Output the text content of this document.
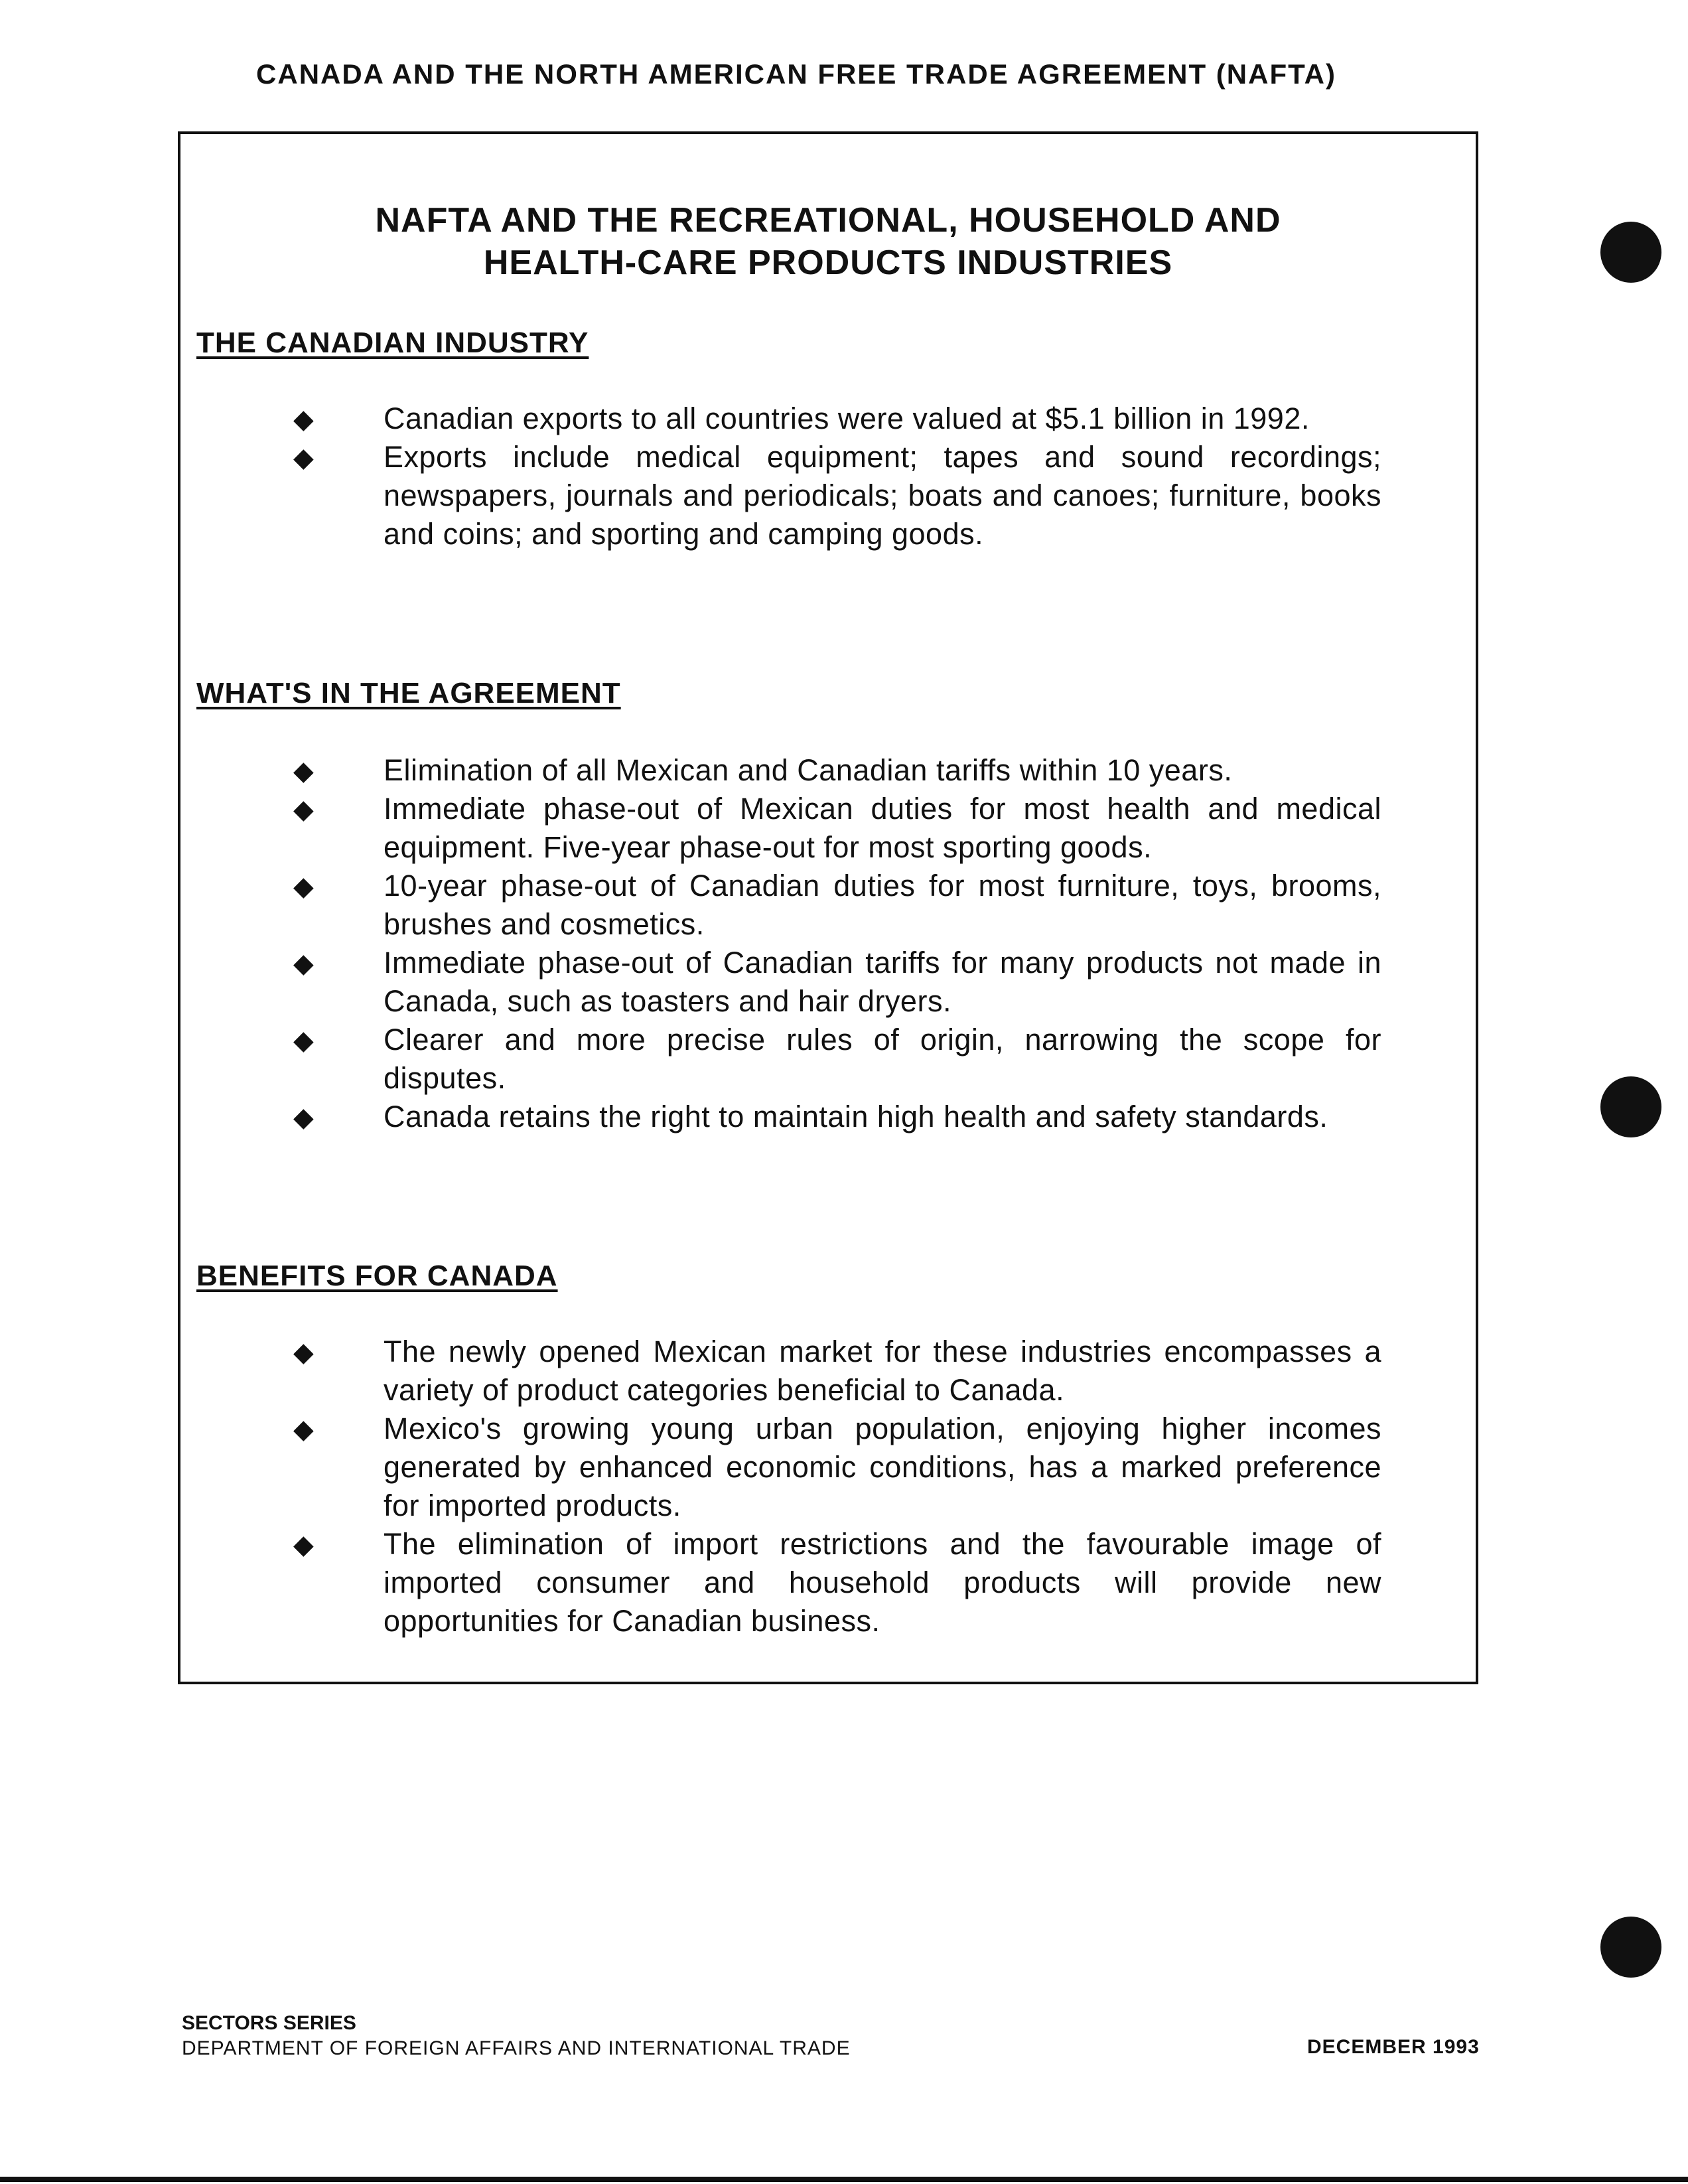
CANADA AND THE NORTH AMERICAN FREE TRADE AGREEMENT (NAFTA)
NAFTA AND THE RECREATIONAL, HOUSEHOLD AND
HEALTH-CARE PRODUCTS INDUSTRIES
THE CANADIAN INDUSTRY
◆ Canadian exports to all countries were valued at $5.1 billion in 1992.
◆ Exports include medical equipment; tapes and sound recordings; newspapers, journals and periodicals; boats and canoes; furniture, books and coins; and sporting and camping goods.
WHAT'S IN THE AGREEMENT
◆ Elimination of all Mexican and Canadian tariffs within 10 years.
◆ Immediate phase-out of Mexican duties for most health and medical equipment. Five-year phase-out for most sporting goods.
◆ 10-year phase-out of Canadian duties for most furniture, toys, brooms, brushes and cosmetics.
◆ Immediate phase-out of Canadian tariffs for many products not made in Canada, such as toasters and hair dryers.
◆ Clearer and more precise rules of origin, narrowing the scope for disputes.
◆ Canada retains the right to maintain high health and safety standards.
BENEFITS FOR CANADA
◆ The newly opened Mexican market for these industries encompasses a variety of product categories beneficial to Canada.
◆ Mexico's growing young urban population, enjoying higher incomes generated by enhanced economic conditions, has a marked preference for imported products.
◆ The elimination of import restrictions and the favourable image of imported consumer and household products will provide new opportunities for Canadian business.
SECTORS SERIES
DEPARTMENT OF FOREIGN AFFAIRS AND INTERNATIONAL TRADE	DECEMBER 1993
